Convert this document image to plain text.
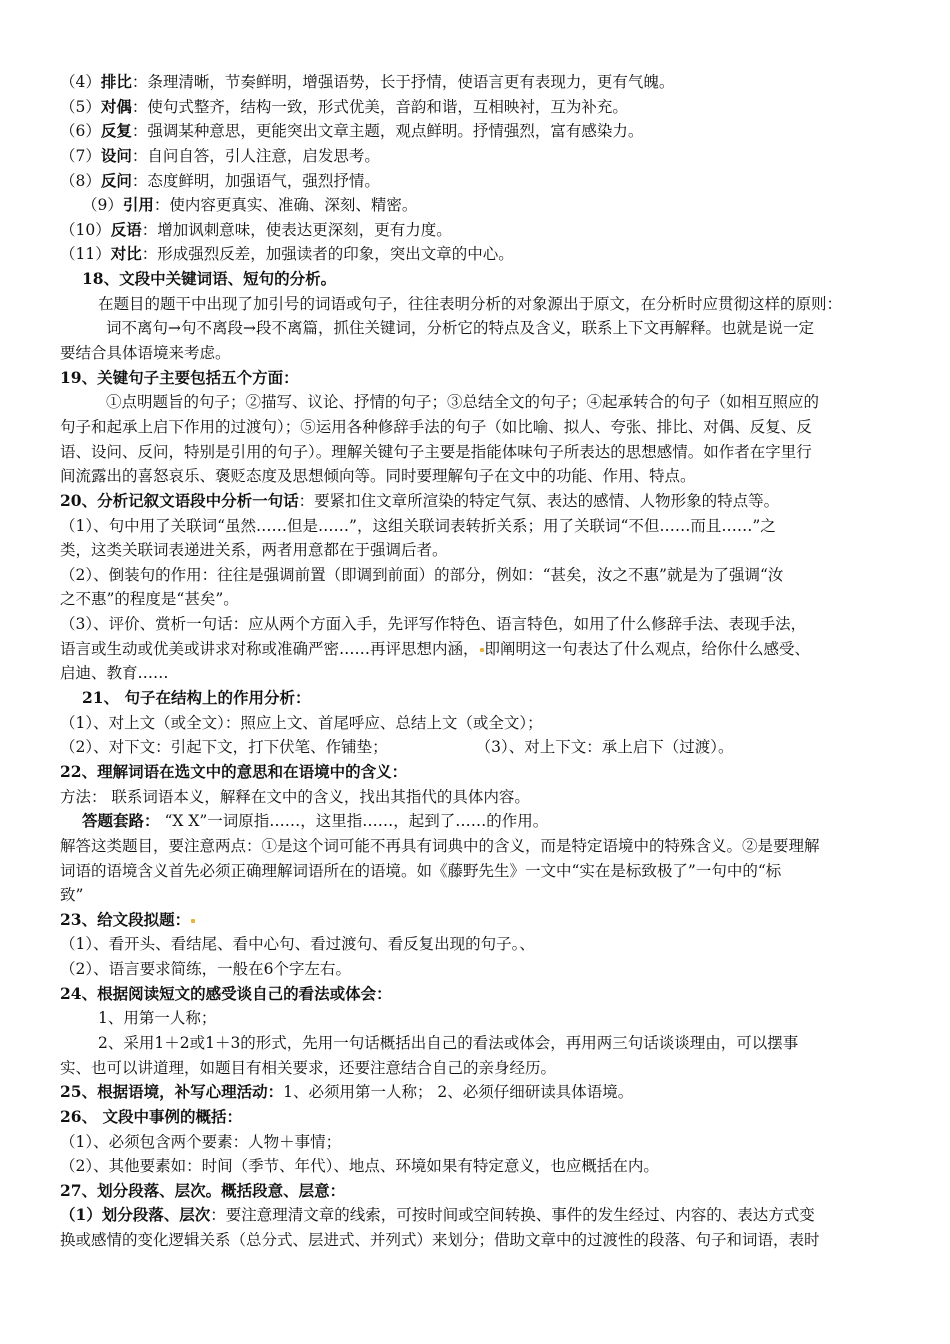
（4）排比：条理清晰，节奏鲜明，增强语势，长于抒情，使语言更有表现力，更有气魄。
（5）对偶：使句式整齐，结构一致，形式优美，音韵和谐，互相映衬，互为补充。
（6）反复：强调某种意思，更能突出文章主题，观点鲜明。抒情强烈，富有感染力。
（7）设问：自问自答，引人注意，启发思考。
（8）反问：态度鲜明，加强语气，强烈抒情。
（9）引用：使内容更真实、准确、深刻、精密。
（10）反语：增加讽刺意味，使表达更深刻，更有力度。
（11）对比：形成强烈反差，加强读者的印象，突出文章的中心。
18、文段中关键词语、短句的分析。
在题目的题干中出现了加引号的词语或句子，往往表明分析的对象源出于原文，在分析时应贯彻这样的原则：
词不离句→句不离段→段不离篇，抓住关键词，分析它的特点及含义，联系上下文再解释。也就是说一定
要结合具体语境来考虑。
19、关键句子主要包括五个方面：
①点明题旨的句子；②描写、议论、抒情的句子；③总结全文的句子；④起承转合的句子（如相互照应的
句子和起承上启下作用的过渡句）；⑤运用各种修辞手法的句子（如比喻、拟人、夸张、排比、对偶、反复、反
语、设问、反问，特别是引用的句子）。理解关键句子主要是指能体味句子所表达的思想感情。如作者在字里行
间流露出的喜怒哀乐、褒贬态度及思想倾向等。同时要理解句子在文中的功能、作用、特点。
20、分析记叙文语段中分析一句话：要紧扣住文章所渲染的特定气氛、表达的感情、人物形象的特点等。
（1）、句中用了关联词“虽然……但是……”，这组关联词表转折关系；用了关联词“不但……而且……”之
类，这类关联词表递进关系，两者用意都在于强调后者。
（2）、倒装句的作用：往往是强调前置（即调到前面）的部分，例如：“甚矣，汝之不惠”就是为了强调“汝
之不惠”的程度是“甚矣”。
（3）、评价、赏析一句话：应从两个方面入手，先评写作特色、语言特色，如用了什么修辞手法、表现手法，
语言或生动或优美或讲求对称或准确严密……再评思想内涵， 即阐明这一句表达了什么观点，给你什么感受、
启迪、教育……
21、 句子在结构上的作用分析：
（1）、对上文（或全文）：照应上文、首尾呼应、总结上文（或全文）；
（2）、对下文：引起下文，打下伏笔、作铺垫；	（3）、对上下文：承上启下（过渡）。
22、理解词语在选文中的意思和在语境中的含义：
方法： 联系词语本义，解释在文中的含义，找出其指代的具体内容。
答题套路： “X X”一词原指……，这里指……，起到了……的作用。
解答这类题目，要注意两点：①是这个词可能不再具有词典中的含义，而是特定语境中的特殊含义。②是要理解
词语的语境含义首先必须正确理解词语所在的语境。如《藤野先生》一文中“实在是标致极了”一句中的“标
致”
23、给文段拟题：
（1）、看开头、看结尾、看中心句、看过渡句、看反复出现的句子。、
（2）、语言要求简练，一般在6个字左右。
24、根据阅读短文的感受谈自己的看法或体会：
1、用第一人称；
2、采用1＋2或1＋3的形式，先用一句话概括出自己的看法或体会，再用两三句话谈谈理由，可以摆事
实、也可以讲道理，如题目有相关要求，还要注意结合自己的亲身经历。
25、根据语境，补写心理活动：1、必须用第一人称； 2、必须仔细研读具体语境。
26、 文段中事例的概括：
（1）、必须包含两个要素：人物＋事情；
（2）、其他要素如：时间（季节、年代）、地点、环境如果有特定意义，也应概括在内。
27、划分段落、层次。概括段意、层意：
（1）划分段落、层次：要注意理清文章的线索，可按时间或空间转换、事件的发生经过、内容的、表达方式变
换或感情的变化逻辑关系（总分式、层进式、并列式）来划分；借助文章中的过渡性的段落、句子和词语，表时
